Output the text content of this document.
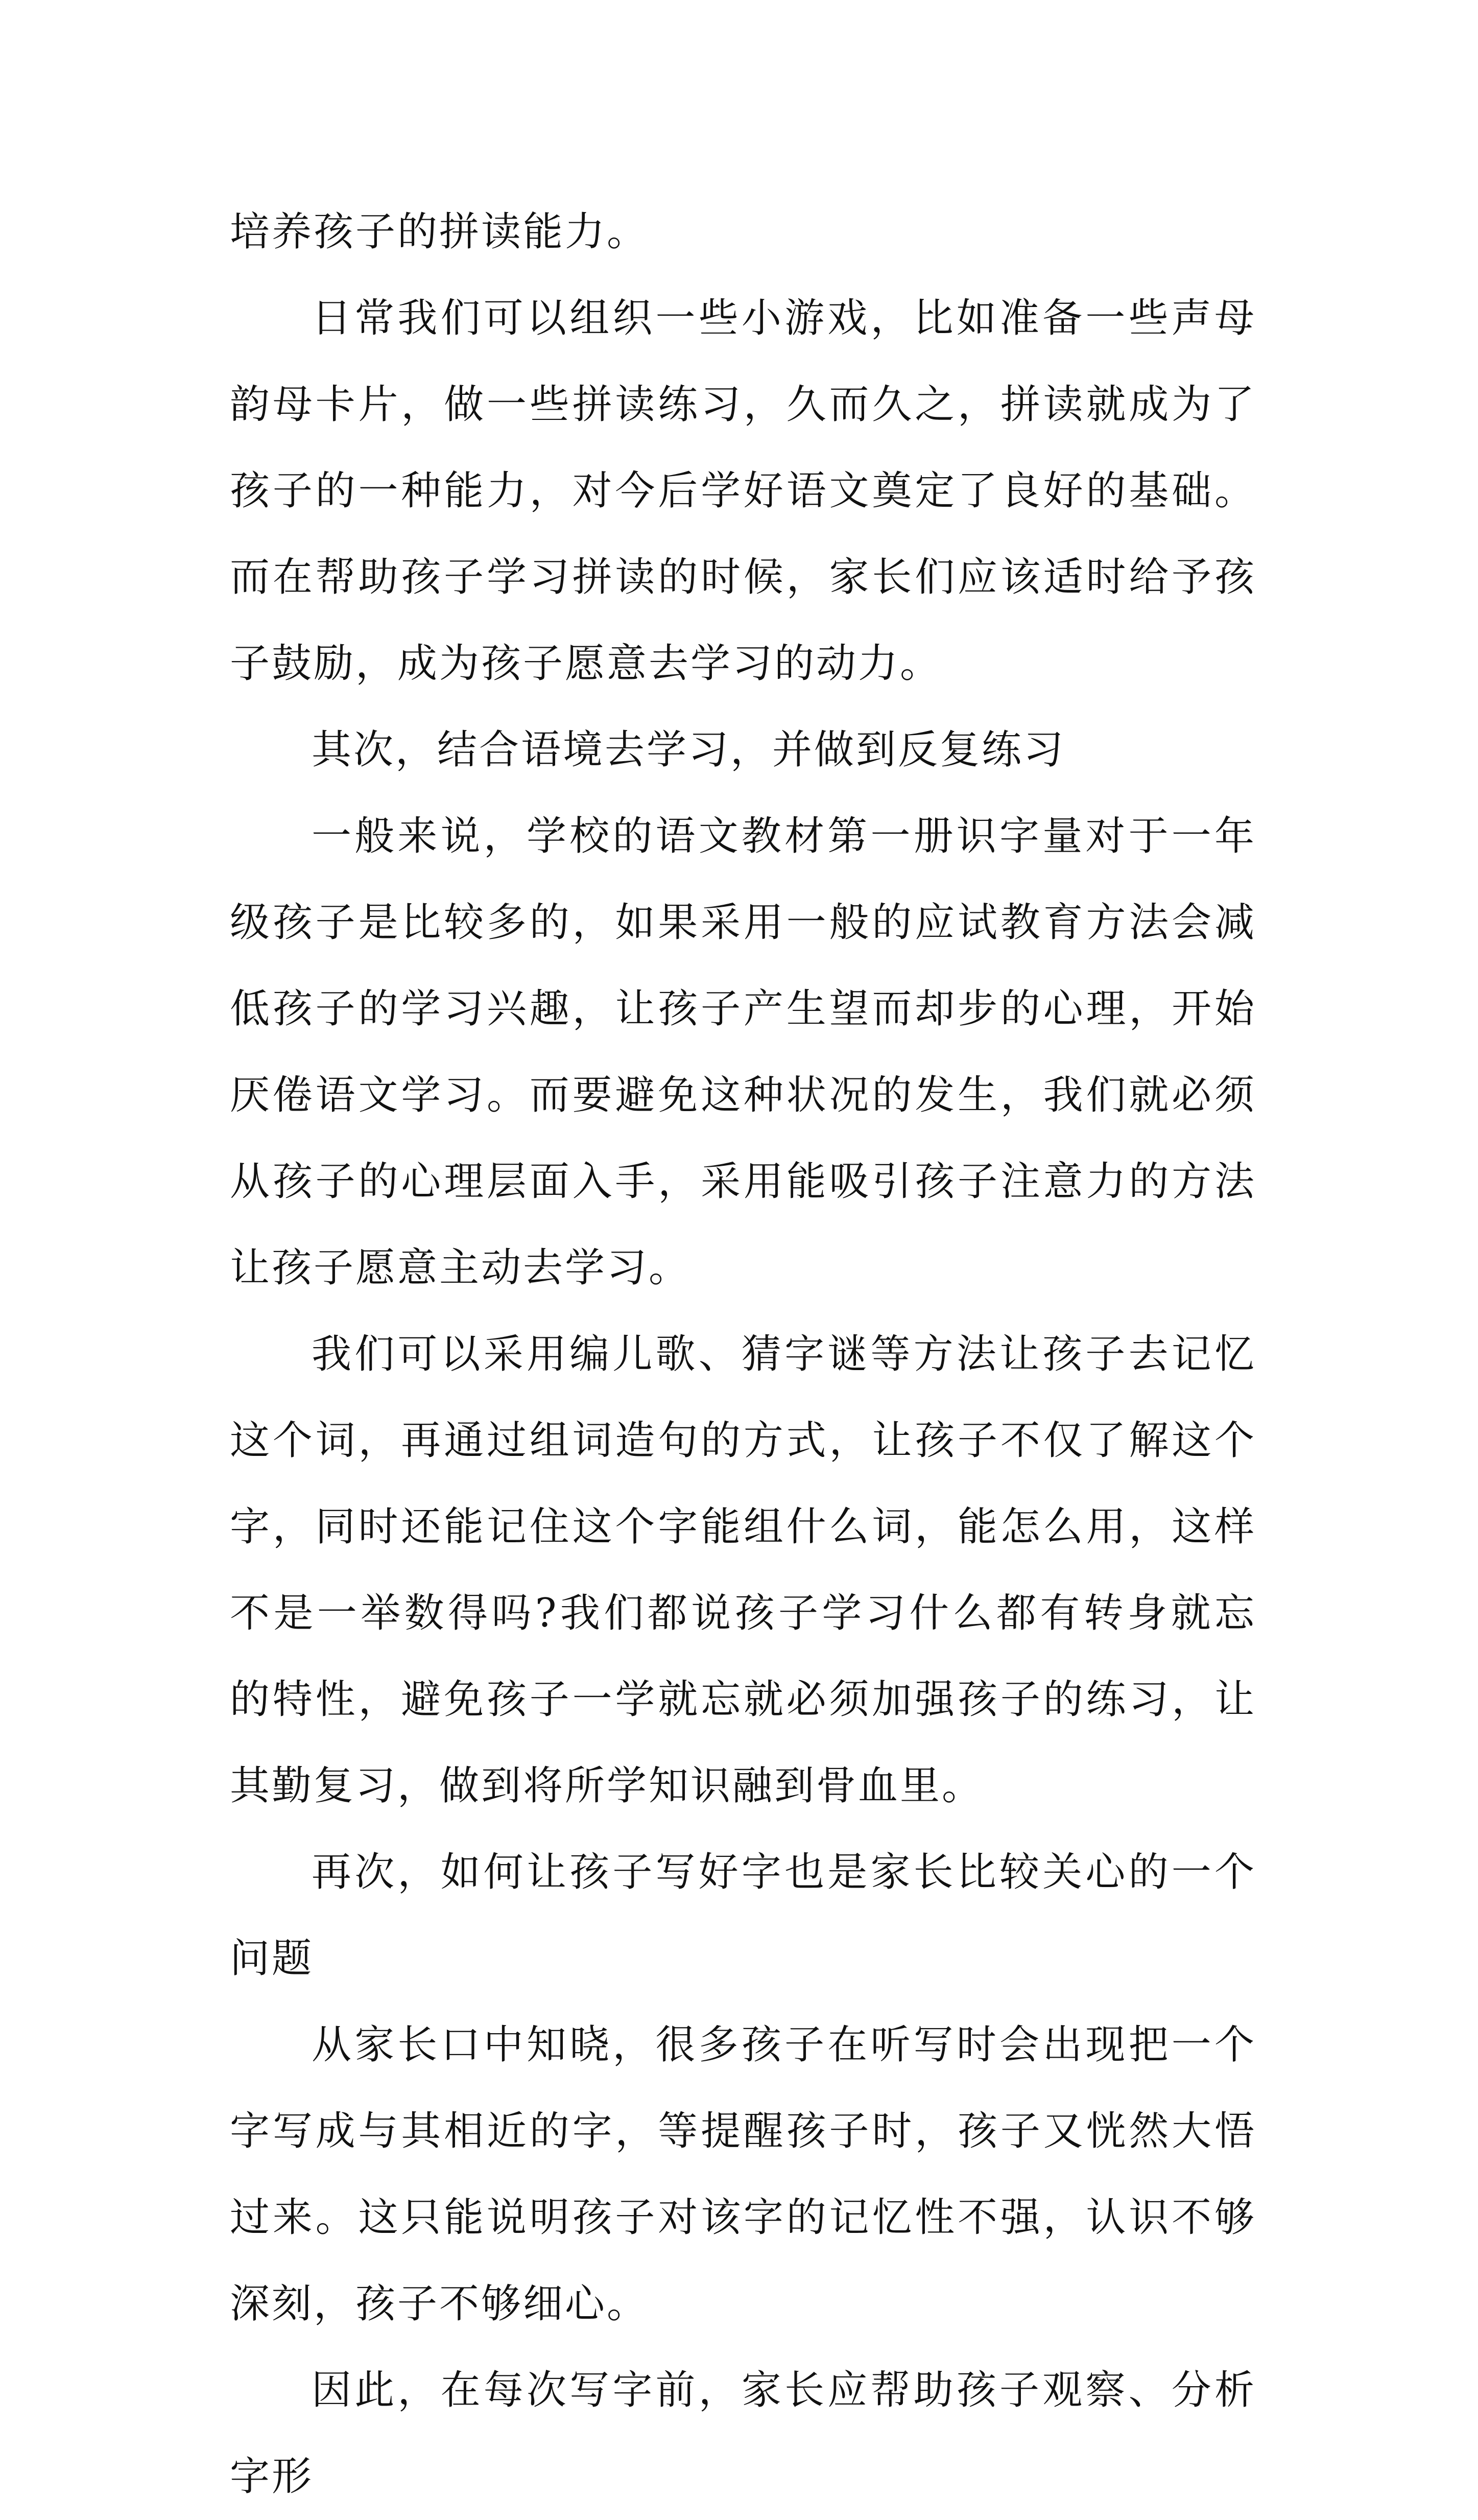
培养孩子的拼读能力。

日常我们可以组织一些小游戏，比如准备一些声母韵母卡片，做一些拼读练习，久而久之，拼读就成为了孩子的一种能力，对今后学好语文奠定了良好的基础。而在帮助孩子学习拼读的时候，家长们应该适时给予孩子鼓励，成为孩子愿意去学习的动力。

其次，结合语境去学习，并做到反复练习

一般来说，学校的语文教材第一册识字量对于一年级孩子是比较多的，如果采用一般的应试教育方法会减低孩子的学习兴趣，让孩子产生望而却步的心理，开始厌倦语文学习。而要避免这种状况的发生，我们就必须从孩子的心理层面入手，采用能吸引孩子注意力的方法让孩子愿意主动去学习。

我们可以采用编儿歌、猜字谜等方法让孩子去记忆这个词，再通过组词造句的方式，让孩子不仅了解这个字，同时还能记住这个字能组什么词，能怎么用，这样不是一举数得吗?我们都说孩子学习什么都有转身就忘的特性，避免孩子一学就忘就必须加强孩子的练习，让其勤复习，做到将所学知识融到骨血里。

再次，如何让孩子写好字也是家长比较关心的一个问题

从家长口中知晓，很多孩子在听写时会出现把一个字写成与其相近的字，等提醒孩子时，孩子又恍然大悟过来。这只能说明孩子对该字的记忆性不强，认识不够深刻，孩子不够细心。

因此，在每次写字前，家长应帮助孩子观察、分析字形
